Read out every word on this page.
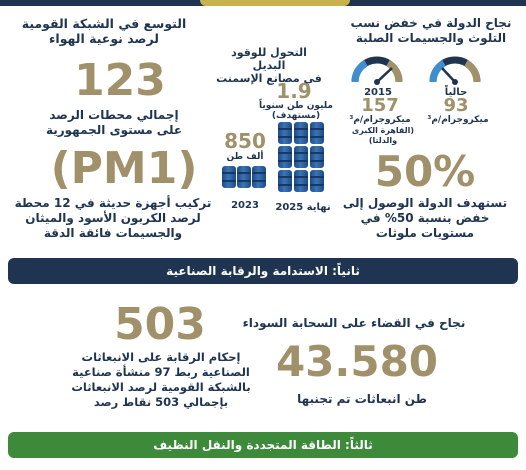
التوسع في الشبكة القومية
لرصد نوعية الهواء
123
إجمالي محطات الرصد
على مستوى الجمهورية
(PM1)
تركيب أجهزة حديثة في 12 محطة
لرصد الكربون الأسود والميثان
والجسيمات فائقة الدقة
التحول للوقود البديل
في مصانع الإسمنت
1.9
مليون طن سنوياً
(مستهدف)
850
ألف طن
2023	نهاية 2025
نجاح الدولة في خفض نسب
التلوث والجسيمات الصلبة
2015	حالياً
157	93
ميكروجرام/م³	ميكروجرام/م³
(القاهرة الكبرى والدلتا)
50%
تستهدف الدولة الوصول إلى
خفض بنسبة 50% في
مستويات ملوثات
ثانياً: الاستدامة والرقابة الصناعية
503
إحكام الرقابة على الانبعاثات
الصناعية ربط 97 منشأة صناعية
بالشبكة القومية لرصد الانبعاثات
بإجمالي 503 نقاط رصد
نجاح في القضاء على السحابة السوداء
43.580
طن انبعاثات تم تجنبها
ثالثاً: الطاقة المتجددة والنقل النظيف
